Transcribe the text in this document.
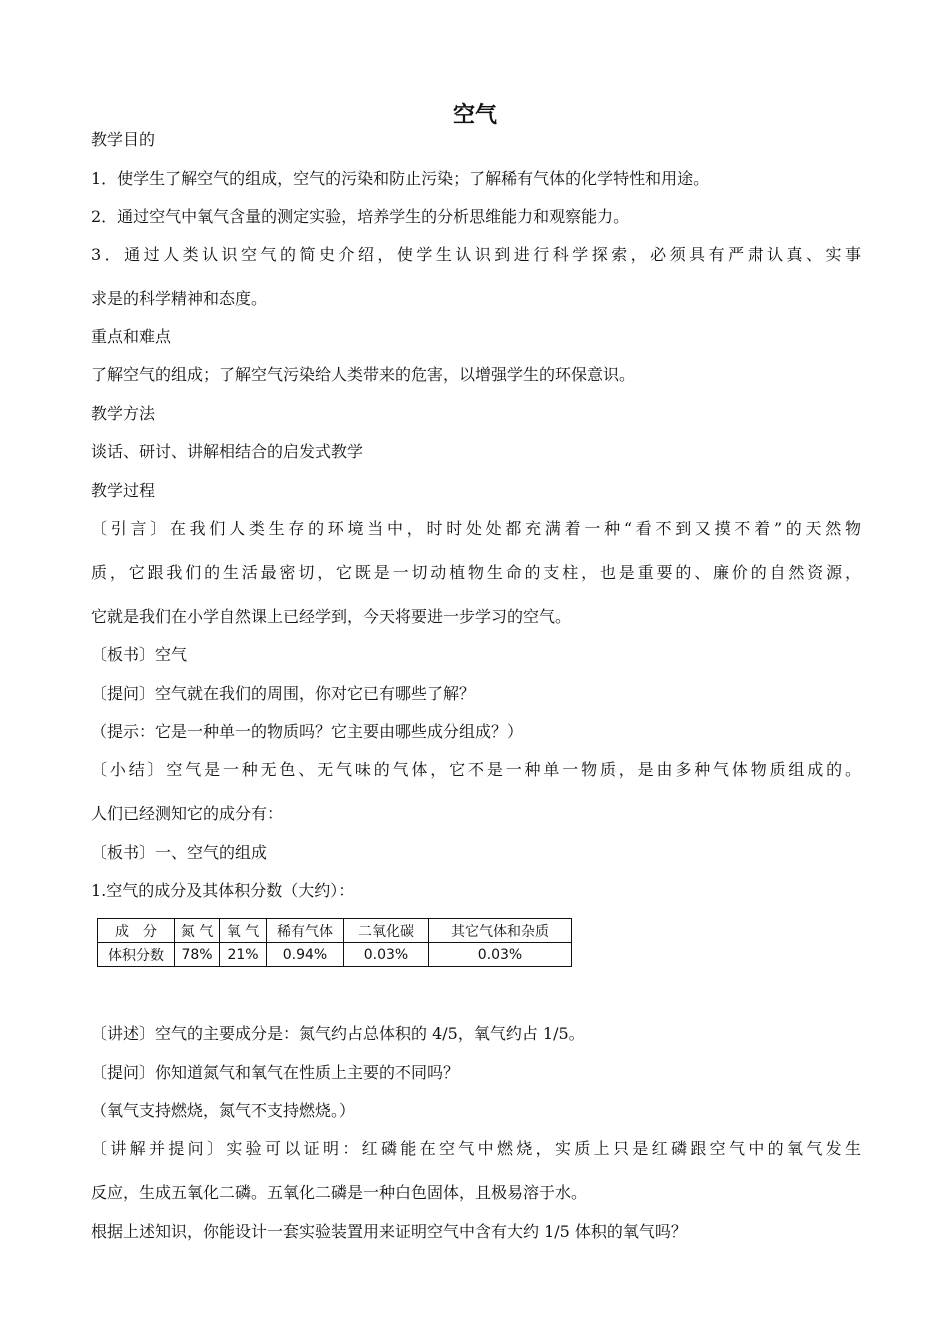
空气
教学目的
1．使学生了解空气的组成，空气的污染和防止污染；了解稀有气体的化学特性和用途。
2．通过空气中氧气含量的测定实验，培养学生的分析思维能力和观察能力。
3．通过人类认识空气的简史介绍，使学生认识到进行科学探索，必须具有严肃认真、实事
求是的科学精神和态度。
重点和难点
了解空气的组成；了解空气污染给人类带来的危害，以增强学生的环保意识。
教学方法
谈话、研讨、讲解相结合的启发式教学
教学过程
〔引言〕在我们人类生存的环境当中，时时处处都充满着一种“看不到又摸不着”的天然物
质，它跟我们的生活最密切，它既是一切动植物生命的支柱，也是重要的、廉价的自然资源，
它就是我们在小学自然课上已经学到，今天将要进一步学习的空气。
〔板书〕空气
〔提问〕空气就在我们的周围，你对它已有哪些了解？
（提示：它是一种单一的物质吗？它主要由哪些成分组成？）
〔小结〕空气是一种无色、无气味的气体，它不是一种单一物质，是由多种气体物质组成的。
人们已经测知它的成分有：
〔板书〕一、空气的组成
1.空气的成分及其体积分数（大约）：
成　分	氮 气	氧 气	稀有气体	二氧化碳	其它气体和杂质
体积分数	78%	21%	0.94%	0.03%	0.03%
〔讲述〕空气的主要成分是：氮气约占总体积的 4/5，氧气约占 1/5。
〔提问〕你知道氮气和氧气在性质上主要的不同吗？
（氧气支持燃烧，氮气不支持燃烧。）
〔讲解并提问〕实验可以证明：红磷能在空气中燃烧，实质上只是红磷跟空气中的氧气发生
反应，生成五氧化二磷。五氧化二磷是一种白色固体，且极易溶于水。
根据上述知识，你能设计一套实验装置用来证明空气中含有大约 1/5 体积的氧气吗？
